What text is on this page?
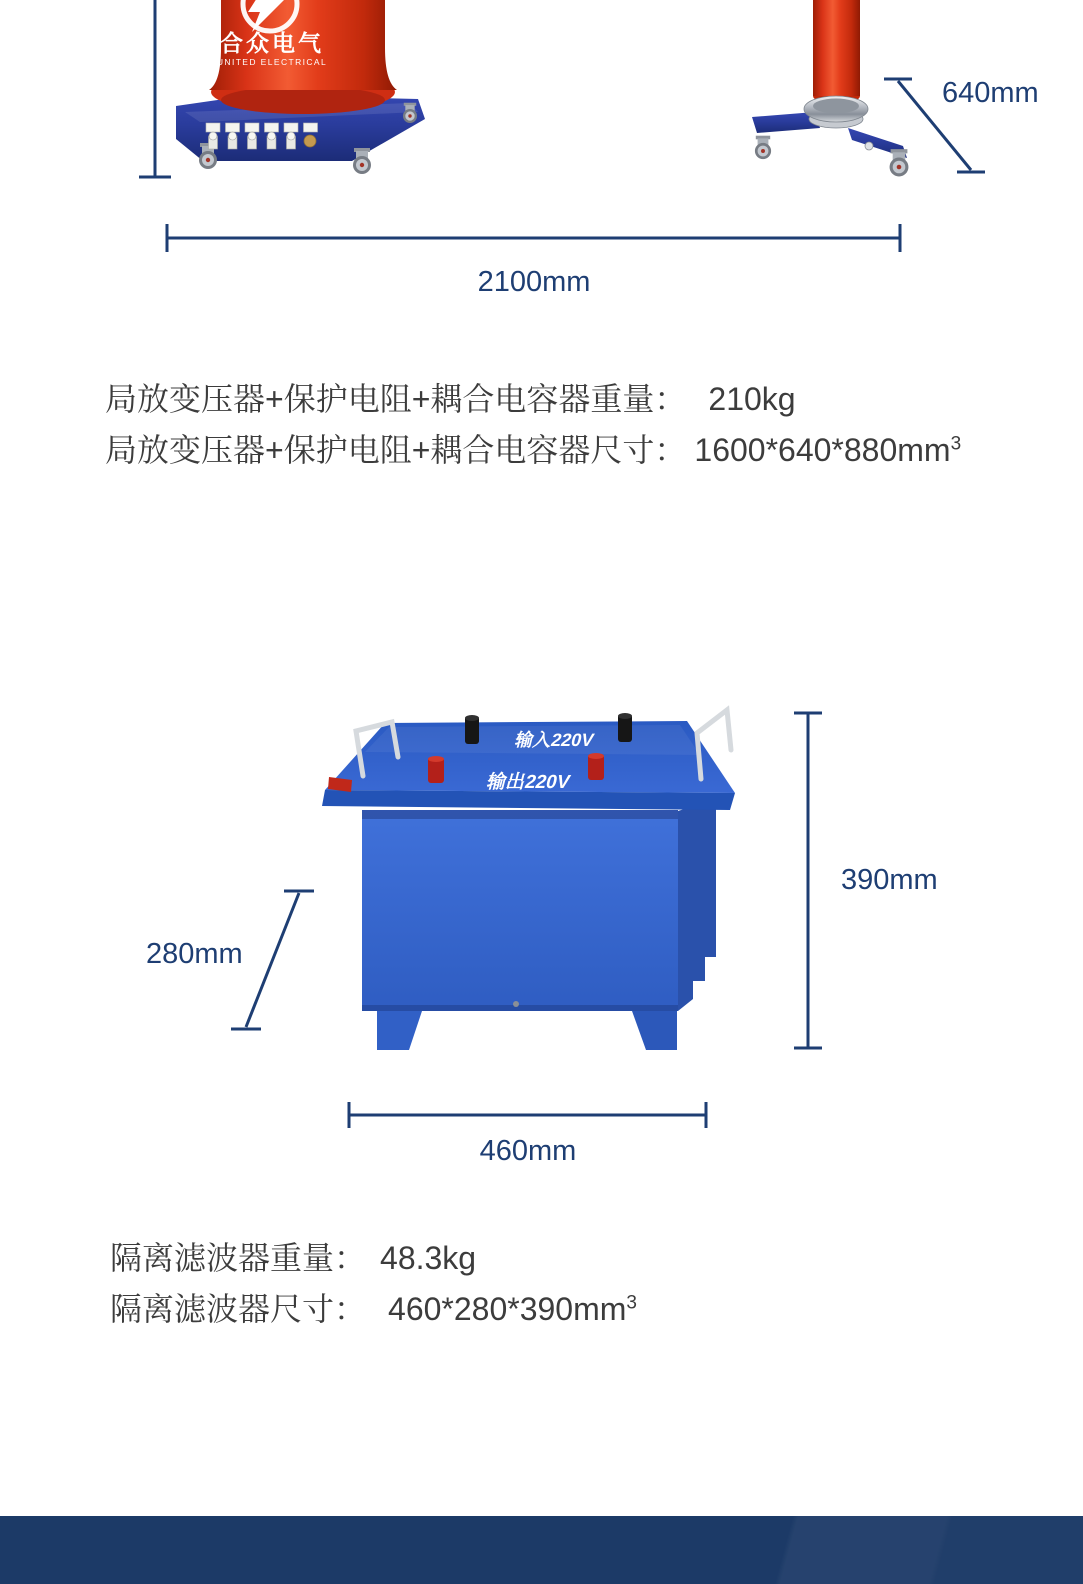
合众电气
UNITED ELECTRICAL
640mm
2100mm
局放变压器+保护电阻+耦合电容器重量： 210kg
局放变压器+保护电阻+耦合电容器尺寸： $1600*640*880mm^3$
输入220V
输出220V
390mm
280mm
460mm
隔离滤波器重量： 48.3kg
隔离滤波器尺寸： $460*280*390mm^3$
